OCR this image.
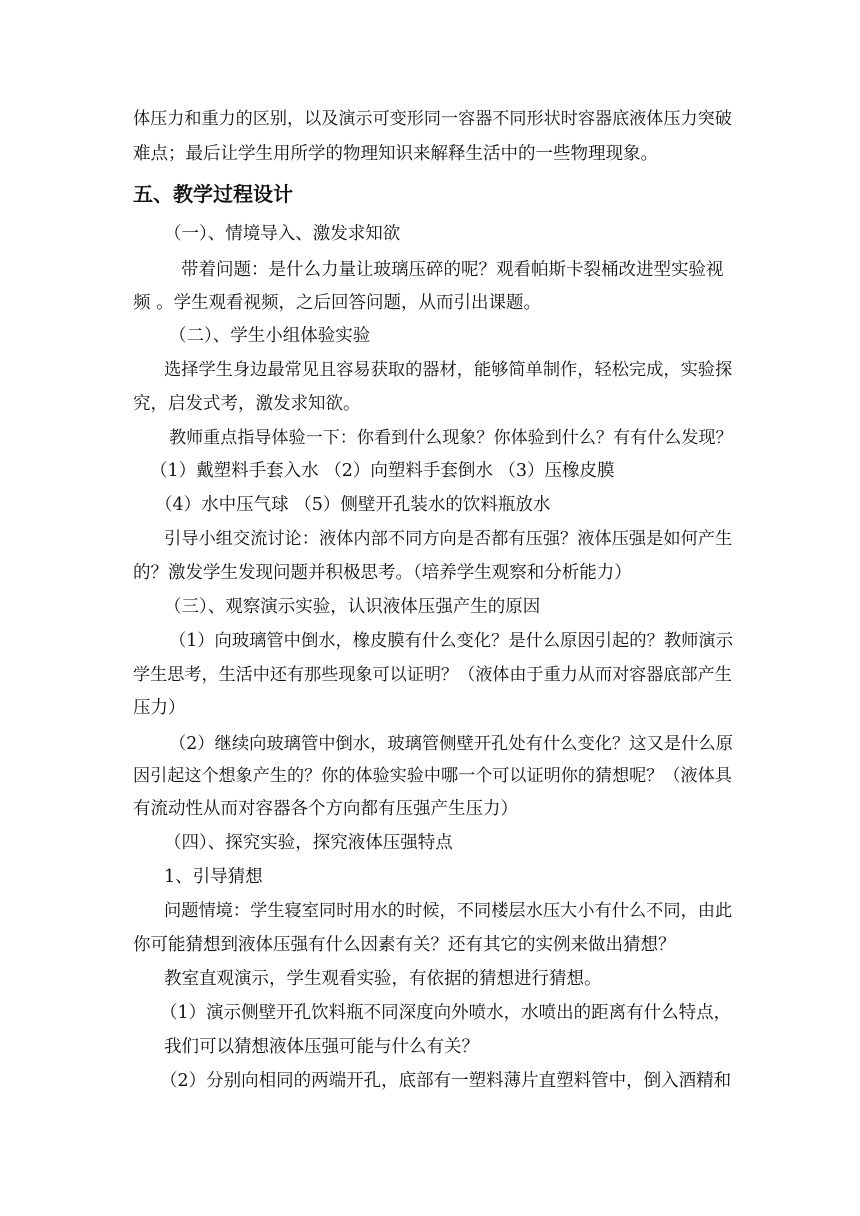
体压力和重力的区别，以及演示可变形同一容器不同形状时容器底液体压力突破
难点；最后让学生用所学的物理知识来解释生活中的一些物理现象。
五、教学过程设计
（一）、情境导入、激发求知欲
带着问题：是什么力量让玻璃压碎的呢？观看帕斯卡裂桶改进型实验视
频 。学生观看视频，之后回答问题，从而引出课题。
（二）、学生小组体验实验
选择学生身边最常见且容易获取的器材，能够简单制作，轻松完成，实验探
究，启发式考，激发求知欲。
教师重点指导体验一下：你看到什么现象？你体验到什么？有有什么发现？
（1）戴塑料手套入水 （2）向塑料手套倒水 （3）压橡皮膜
（4）水中压气球 （5）侧壁开孔装水的饮料瓶放水
引导小组交流讨论：液体内部不同方向是否都有压强？液体压强是如何产生
的？激发学生发现问题并积极思考。（培养学生观察和分析能力）
（三）、观察演示实验，认识液体压强产生的原因
（1）向玻璃管中倒水，橡皮膜有什么变化？是什么原因引起的？教师演示
学生思考，生活中还有那些现象可以证明？（液体由于重力从而对容器底部产生
压力）
（2）继续向玻璃管中倒水，玻璃管侧壁开孔处有什么变化？这又是什么原
因引起这个想象产生的？你的体验实验中哪一个可以证明你的猜想呢？（液体具
有流动性从而对容器各个方向都有压强产生压力）
（四）、探究实验，探究液体压强特点
1、引导猜想
问题情境：学生寝室同时用水的时候，不同楼层水压大小有什么不同，由此
你可能猜想到液体压强有什么因素有关？还有其它的实例来做出猜想？
教室直观演示，学生观看实验，有依据的猜想进行猜想。
（1）演示侧壁开孔饮料瓶不同深度向外喷水，水喷出的距离有什么特点，
我们可以猜想液体压强可能与什么有关？
（2）分别向相同的两端开孔，底部有一塑料薄片直塑料管中，倒入酒精和
